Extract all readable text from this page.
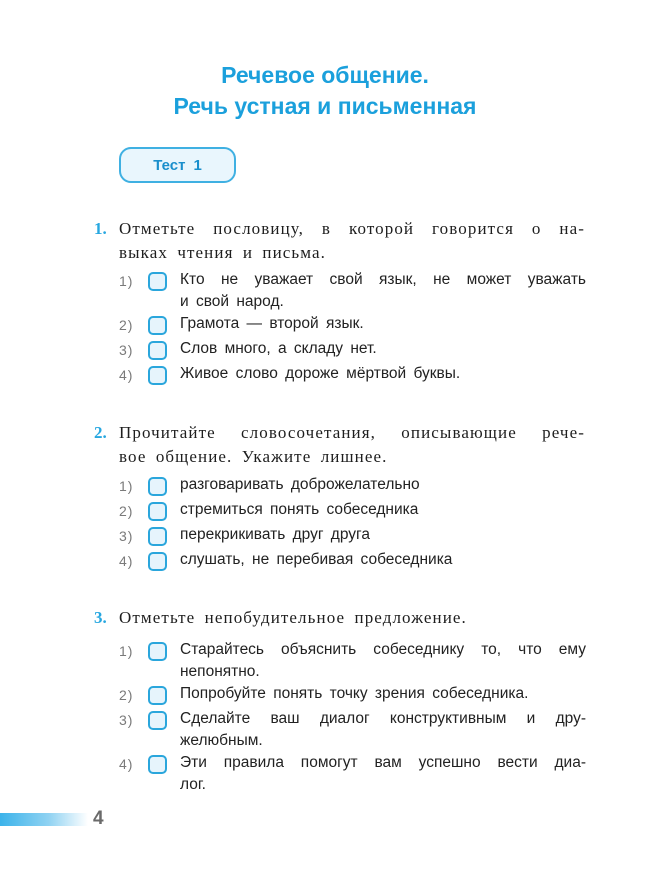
Речевое общение.
Речь устная и письменная
Тест 1
1. Отметьте пословицу, в которой говорится о на-
выках чтения и письма.
1)	Кто не уважает свой язык, не может уважать
и свой народ.
2)	Грамота — второй язык.
3)	Слов много, а складу нет.
4)	Живое слово дороже мёртвой буквы.
2. Прочитайте словосочетания, описывающие рече-
вое общение. Укажите лишнее.
1)	разговаривать доброжелательно
2)	стремиться понять собеседника
3)	перекрикивать друг друга
4)	слушать, не перебивая собеседника
3. Отметьте непобудительное предложение.
1)	Старайтесь объяснить собеседнику то, что ему
непонятно.
2)	Попробуйте понять точку зрения собеседника.
3)	Сделайте ваш диалог конструктивным и дру-
желюбным.
4)	Эти правила помогут вам успешно вести диа-
лог.
4
